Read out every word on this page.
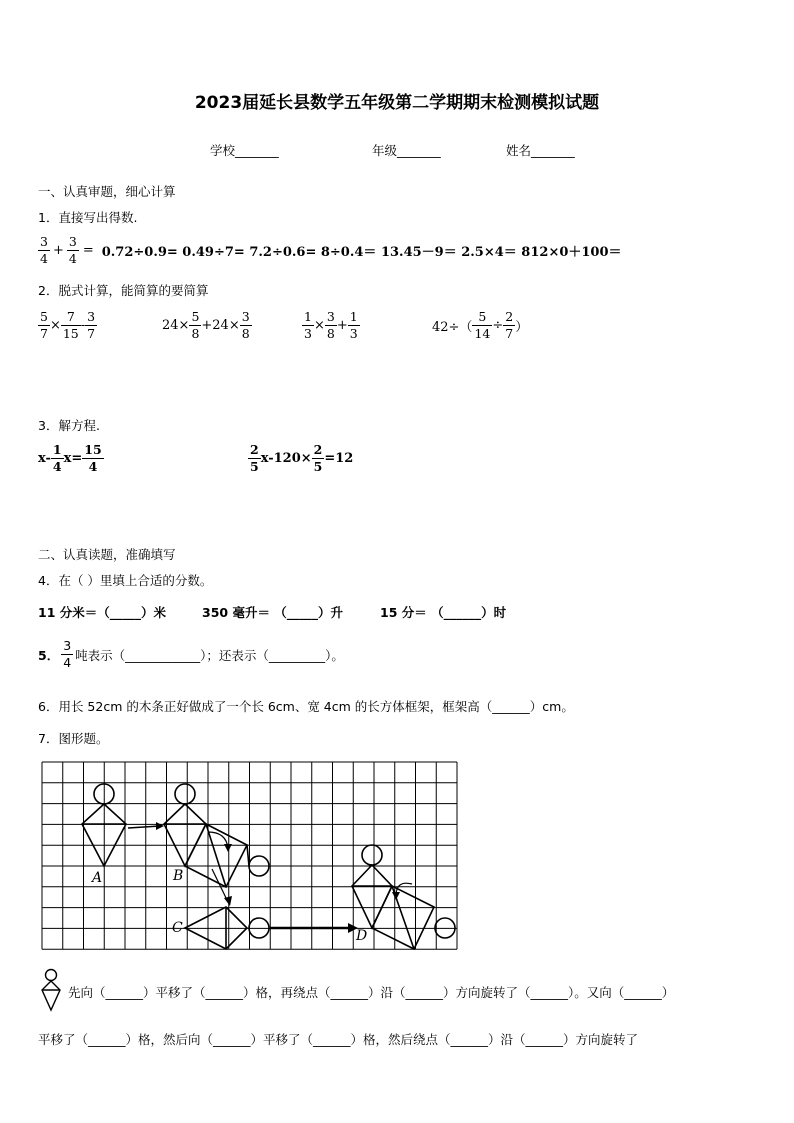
2023届延长县数学五年级第二学期期末检测模拟试题
学校_______	年级_______	姓名_______
一、认真审题，细心计算
1．直接写出得数.
$\frac{3}{4} + \frac{3}{4} = 0.72\div 0.9= 0.49\div 7= 7.2\div 0.6= 8\div 0.4= 13.45-9= 2.5\times 4= 812\times 0+100=$
2．脱式计算，能简算的要简算
$\frac{5}{7} \times \frac{7}{15} - \frac{3}{7}$	$24\times \frac{5}{8} +24\times \frac{3}{8}$	$\frac{1}{3} \times \frac{3}{8} + \frac{1}{3}$	$42\div( \frac{5}{14} \div \frac{2}{7}$ ）
3．解方程.
$x- \frac{1}{4} x= \frac{15}{4}$	$\frac{2}{5} x-120\times \frac{2}{5} =12$
二、认真读题，准确填写
4．在（ ）里填上合适的分数。
11 分米＝（_____）米	350 毫升＝ （_____）升	15 分＝ （______）时
5． $\frac{3}{4}$ 吨表示（____________）；还表示（_________）。
6．用长 52cm 的木条正好做成了一个长 6cm、宽 4cm 的长方体框架，框架高（______）cm。
7．图形题。
A	B
C	D
先向（______）平移了（______）格，再绕点（______）沿（______）方向旋转了（______）。又向（______）
平移了（______）格，然后向（______）平移了（______）格，然后绕点（______）沿（______）方向旋转了
